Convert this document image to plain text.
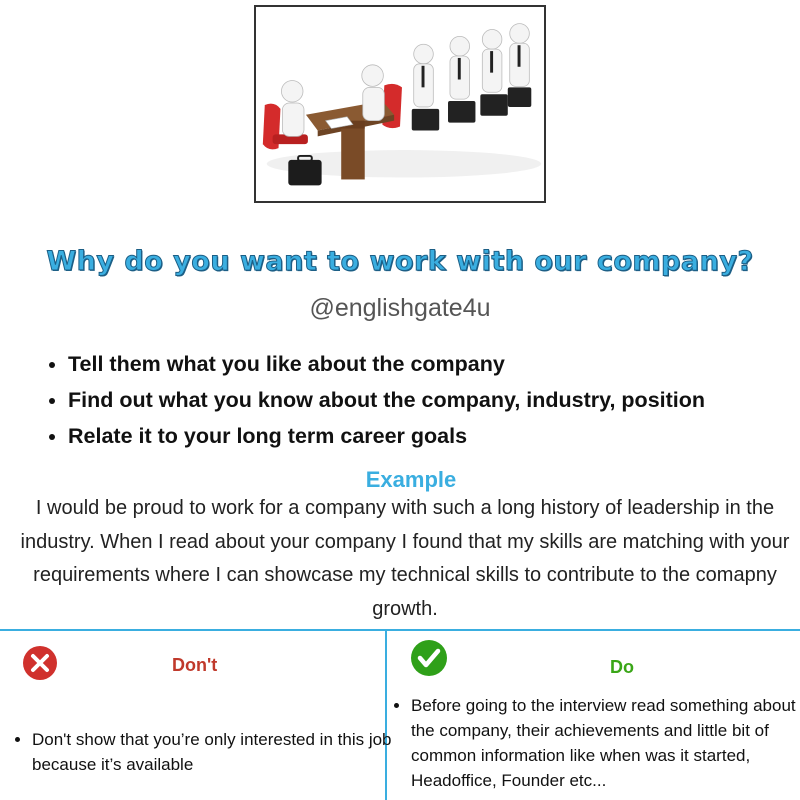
Why do you want to work with our company?
@englishgate4u
• Tell them what you like about the company
• Find out what you know about the company, industry, position
• Relate it to your long term career goals
Example
I would be proud to work for a company with such a long history of leadership in the industry. When I read about your company I found that my skills are matching with your requirements where I can showcase my technical skills to contribute to the comapny growth.
Don't
• Don't show that you’re only interested in this job because it’s available
Do
• Before going to the interview read something about the company, their achievements and little bit of common information like when was it started, Headoffice, Founder etc...
